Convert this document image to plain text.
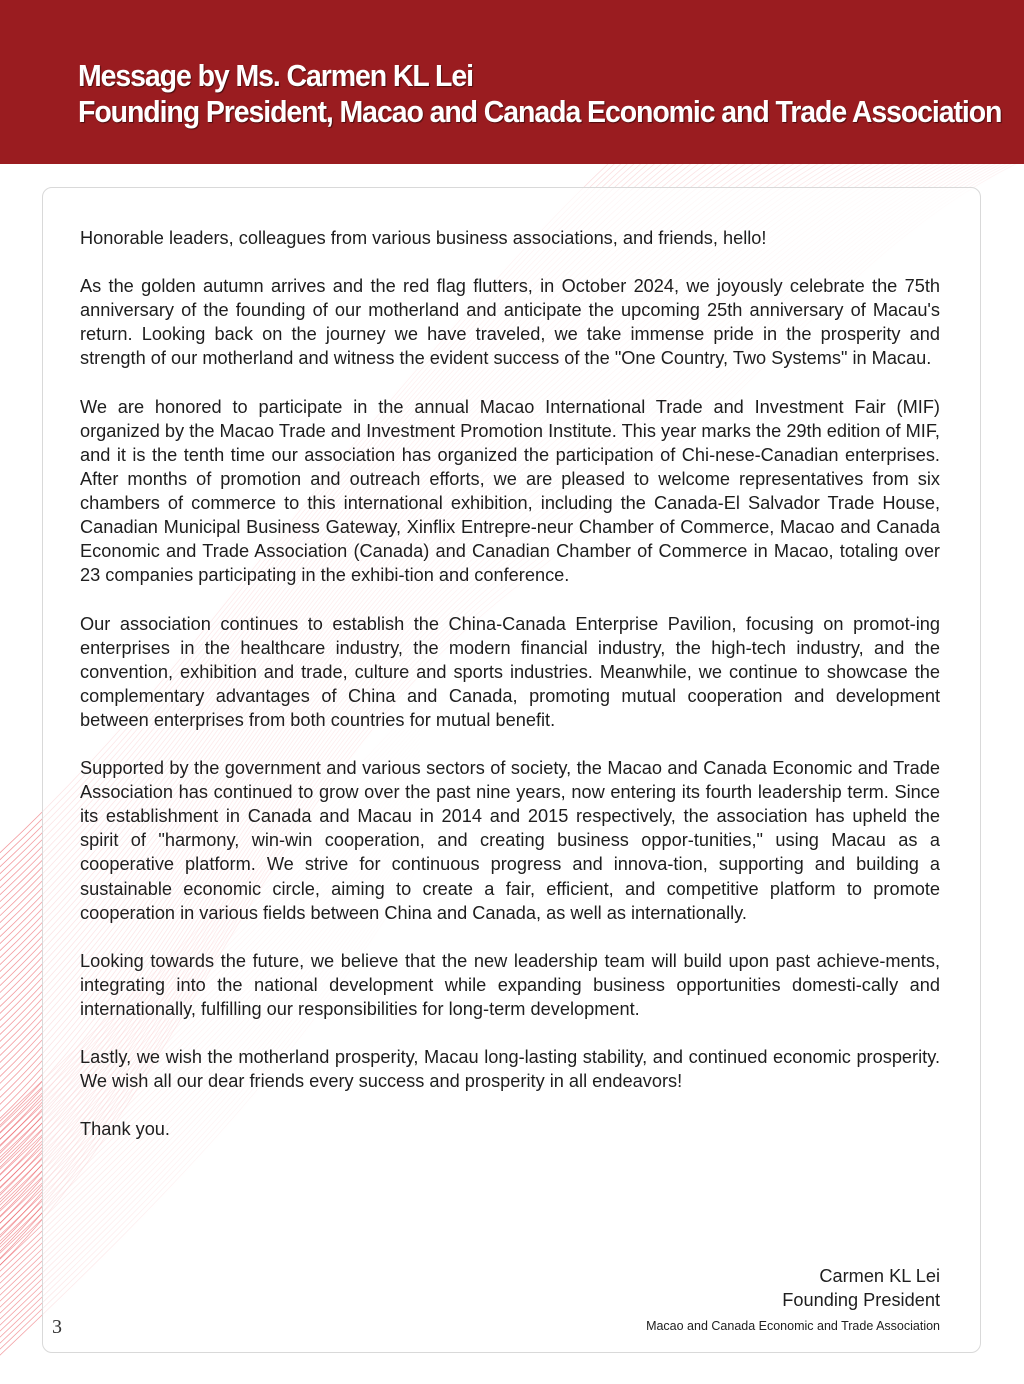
Message by Ms. Carmen KL Lei
Founding President, Macao and Canada Economic and Trade Association

Honorable leaders, colleagues from various business associations, and friends, hello!

As the golden autumn arrives and the red flag flutters, in October 2024, we joyously celebrate the 75th anniversary of the founding of our motherland and anticipate the upcoming 25th anniversary of Macau's return. Looking back on the journey we have traveled, we take immense pride in the prosperity and strength of our motherland and witness the evident success of the "One Country, Two Systems" in Macau.

We are honored to participate in the annual Macao International Trade and Investment Fair (MIF) organized by the Macao Trade and Investment Promotion Institute. This year marks the 29th edition of MIF, and it is the tenth time our association has organized the participation of Chi-nese-Canadian enterprises. After months of promotion and outreach efforts, we are pleased to welcome representatives from six chambers of commerce to this international exhibition, including the Canada-El Salvador Trade House, Canadian Municipal Business Gateway, Xinflix Entrepre-neur Chamber of Commerce, Macao and Canada Economic and Trade Association (Canada) and Canadian Chamber of Commerce in Macao, totaling over 23 companies participating in the exhibi-tion and conference.

Our association continues to establish the China-Canada Enterprise Pavilion, focusing on promot-ing enterprises in the healthcare industry, the modern financial industry, the high-tech industry, and the convention, exhibition and trade, culture and sports industries. Meanwhile, we continue to showcase the complementary advantages of China and Canada, promoting mutual cooperation and development between enterprises from both countries for mutual benefit.

Supported by the government and various sectors of society, the Macao and Canada Economic and Trade Association has continued to grow over the past nine years, now entering its fourth leadership term. Since its establishment in Canada and Macau in 2014 and 2015 respectively, the association has upheld the spirit of "harmony, win-win cooperation, and creating business oppor-tunities," using Macau as a cooperative platform. We strive for continuous progress and innova-tion, supporting and building a sustainable economic circle, aiming to create a fair, efficient, and competitive platform to promote cooperation in various fields between China and Canada, as well as internationally.

Looking towards the future, we believe that the new leadership team will build upon past achieve-ments, integrating into the national development while expanding business opportunities domesti-cally and internationally, fulfilling our responsibilities for long-term development.

Lastly, we wish the motherland prosperity, Macau long-lasting stability, and continued economic prosperity. We wish all our dear friends every success and prosperity in all endeavors!

Thank you.

Carmen KL Lei
Founding President
Macao and Canada Economic and Trade Association
3
